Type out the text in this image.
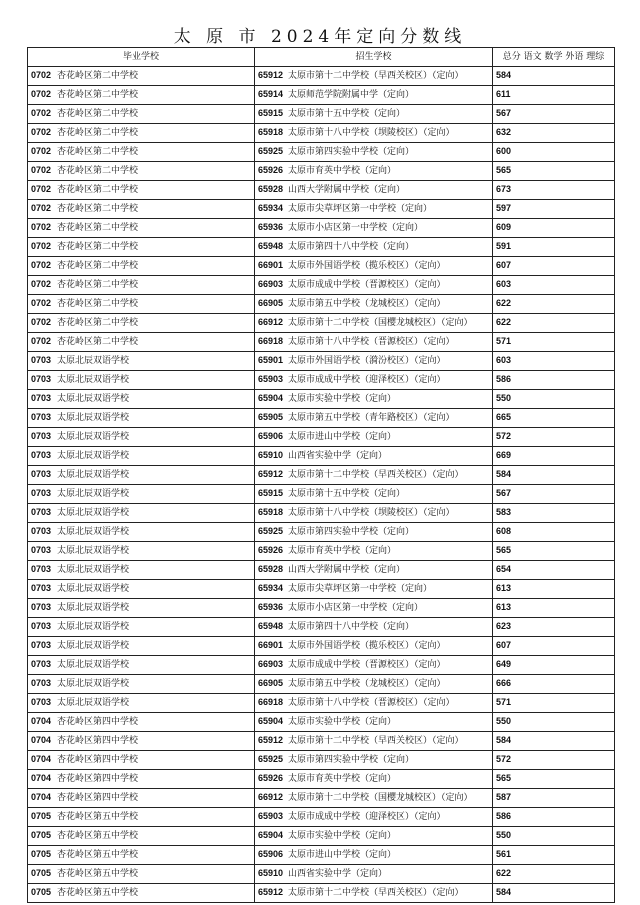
太 原 市 2024年定向分数线
毕业学校	招生学校	总分 语文 数学 外语 理综
0702 杏花岭区第二中学校	65912 太原市第十二中学校（早西关校区）（定向）	584
0702 杏花岭区第二中学校	65914 太原师范学院附属中学（定向）	611
0702 杏花岭区第二中学校	65915 太原市第十五中学校（定向）	567
0702 杏花岭区第二中学校	65918 太原市第十八中学校（坝陵校区）（定向）	632
0702 杏花岭区第二中学校	65925 太原市第四实验中学校（定向）	600
0702 杏花岭区第二中学校	65926 太原市育英中学校（定向）	565
0702 杏花岭区第二中学校	65928 山西大学附属中学校（定向）	673
0702 杏花岭区第二中学校	65934 太原市尖草坪区第一中学校（定向）	597
0702 杏花岭区第二中学校	65936 太原市小店区第一中学校（定向）	609
0702 杏花岭区第二中学校	65948 太原市第四十八中学校（定向）	591
0702 杏花岭区第二中学校	66901 太原市外国语学校（揽乐校区）（定向）	607
0702 杏花岭区第二中学校	66903 太原市成成中学校（晋源校区）（定向）	603
0702 杏花岭区第二中学校	66905 太原市第五中学校（龙城校区）（定向）	622
0702 杏花岭区第二中学校	66912 太原市第十二中学校（国樱龙城校区）（定向）	622
0702 杏花岭区第二中学校	66918 太原市第十八中学校（晋源校区）（定向）	571
0703 太原北辰双语学校	65901 太原市外国语学校（漪汾校区）（定向）	603
0703 太原北辰双语学校	65903 太原市成成中学校（迎泽校区）（定向）	586
0703 太原北辰双语学校	65904 太原市实验中学校（定向）	550
0703 太原北辰双语学校	65905 太原市第五中学校（青年路校区）（定向）	665
0703 太原北辰双语学校	65906 太原市进山中学校（定向）	572
0703 太原北辰双语学校	65910 山西省实验中学（定向）	669
0703 太原北辰双语学校	65912 太原市第十二中学校（早西关校区）（定向）	584
0703 太原北辰双语学校	65915 太原市第十五中学校（定向）	567
0703 太原北辰双语学校	65918 太原市第十八中学校（坝陵校区）（定向）	583
0703 太原北辰双语学校	65925 太原市第四实验中学校（定向）	608
0703 太原北辰双语学校	65926 太原市育英中学校（定向）	565
0703 太原北辰双语学校	65928 山西大学附属中学校（定向）	654
0703 太原北辰双语学校	65934 太原市尖草坪区第一中学校（定向）	613
0703 太原北辰双语学校	65936 太原市小店区第一中学校（定向）	613
0703 太原北辰双语学校	65948 太原市第四十八中学校（定向）	623
0703 太原北辰双语学校	66901 太原市外国语学校（揽乐校区）（定向）	607
0703 太原北辰双语学校	66903 太原市成成中学校（晋源校区）（定向）	649
0703 太原北辰双语学校	66905 太原市第五中学校（龙城校区）（定向）	666
0703 太原北辰双语学校	66918 太原市第十八中学校（晋源校区）（定向）	571
0704 杏花岭区第四中学校	65904 太原市实验中学校（定向）	550
0704 杏花岭区第四中学校	65912 太原市第十二中学校（早西关校区）（定向）	584
0704 杏花岭区第四中学校	65925 太原市第四实验中学校（定向）	572
0704 杏花岭区第四中学校	65926 太原市育英中学校（定向）	565
0704 杏花岭区第四中学校	66912 太原市第十二中学校（国樱龙城校区）（定向）	587
0705 杏花岭区第五中学校	65903 太原市成成中学校（迎泽校区）（定向）	586
0705 杏花岭区第五中学校	65904 太原市实验中学校（定向）	550
0705 杏花岭区第五中学校	65906 太原市进山中学校（定向）	561
0705 杏花岭区第五中学校	65910 山西省实验中学（定向）	622
0705 杏花岭区第五中学校	65912 太原市第十二中学校（早西关校区）（定向）	584
